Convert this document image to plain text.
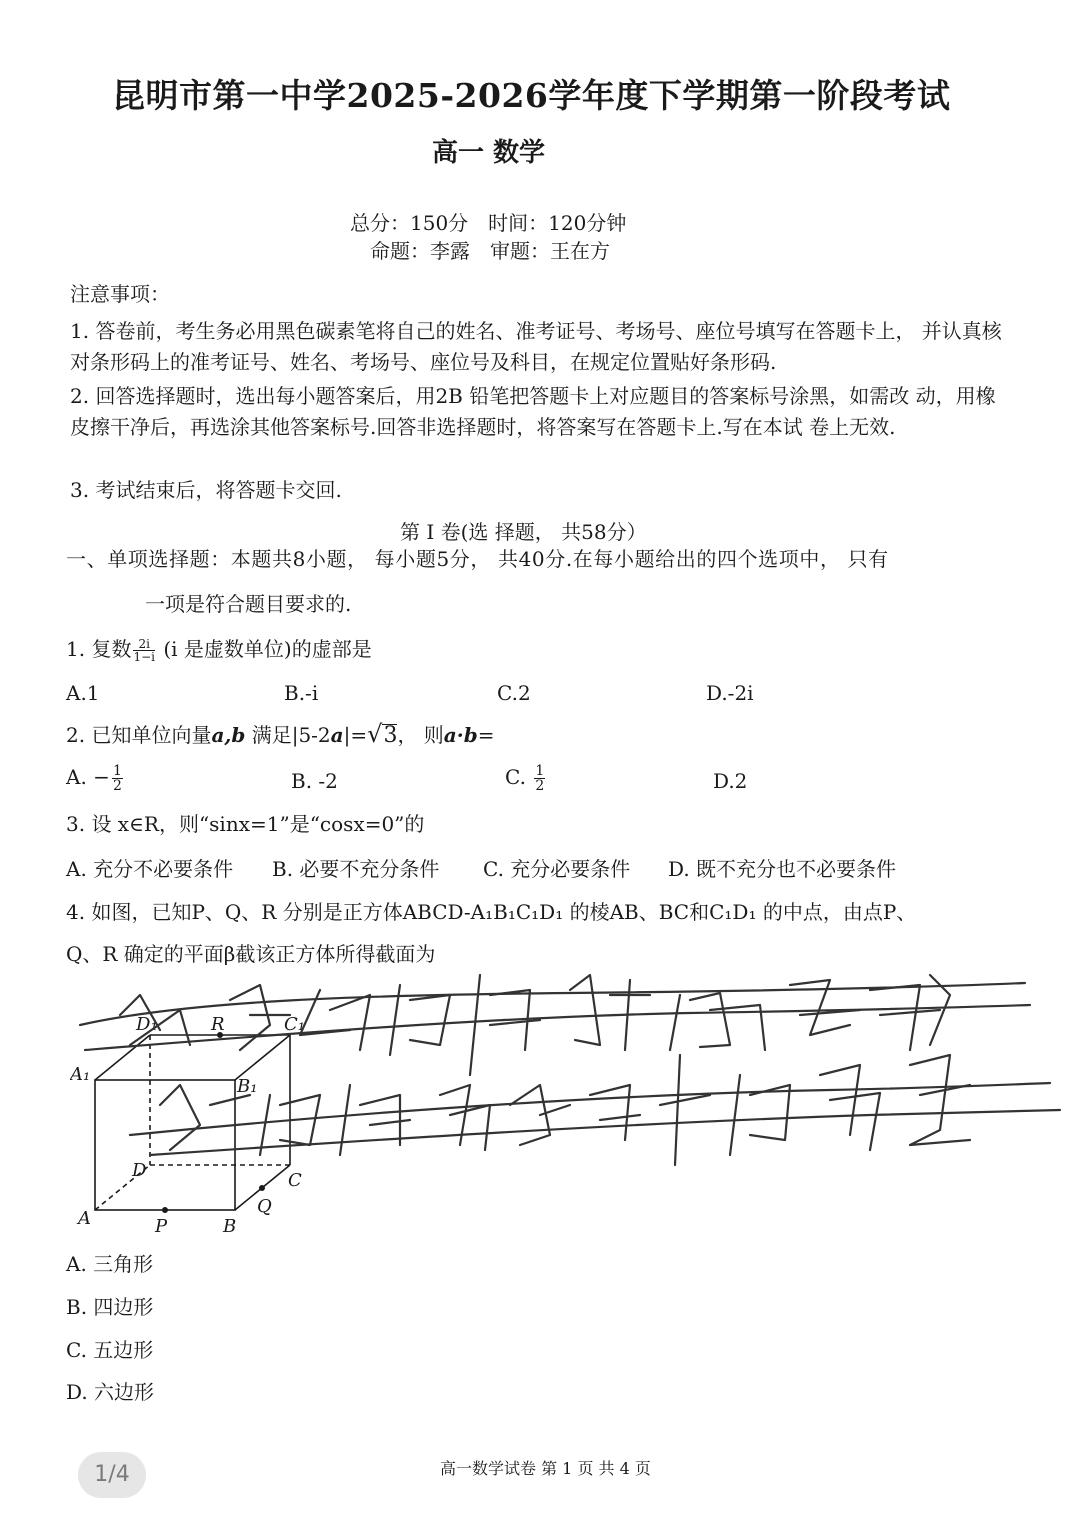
昆明市第一中学2025-2026学年度下学期第一阶段考试
高一 数学
总分：150分　时间：120分钟
命题：李露　审题：王在方
注意事项：
1. 答卷前，考生务必用黑色碳素笔将自己的姓名、准考证号、考场号、座位号填写在答题卡上， 并认真核对条形码上的准考证号、姓名、考场号、座位号及科目，在规定位置贴好条形码.
2. 回答选择题时，选出每小题答案后，用2B 铅笔把答题卡上对应题目的答案标号涂黑，如需改 动，用橡皮擦干净后，再选涂其他答案标号.回答非选择题时，将答案写在答题卡上.写在本试 卷上无效.
3. 考试结束后，将答题卡交回.
第 I 卷(选 择题， 共58分）
一、单项选择题：本题共8小题， 每小题5分， 共40分.在每小题给出的四个选项中， 只有
一项是符合题目要求的.
1. 复数 $\frac{2i}{1-i} (i$ 是虚数单位)的虚部是
A.1	B.-i	C.2	D.-2i
2. 已知单位向量a,b 满足|5-2a|=√3， 则a·b=
A. − $\frac{1}{2}$	B. -2	C. $\frac{1}{2}$	D.2
3. 设 x∈R，则“sinx=1”是“cosx=0”的
A. 充分不必要条件 B. 必要不充分条件 C. 充分必要条件 D. 既不充分也不必要条件
4. 如图，已知P、Q、R 分别是正方体ABCD-A₁B₁C₁D₁ 的棱AB、BC和C₁D₁ 的中点，由点P、
Q、R 确定的平面β截该正方体所得截面为
D₁	R	C₁
A₁
B₁
D	C
A	P	B
Q
A. 三角形
B. 四边形
C. 五边形
D. 六边形
1/4	高一数学试卷 第 1 页 共 4 页
